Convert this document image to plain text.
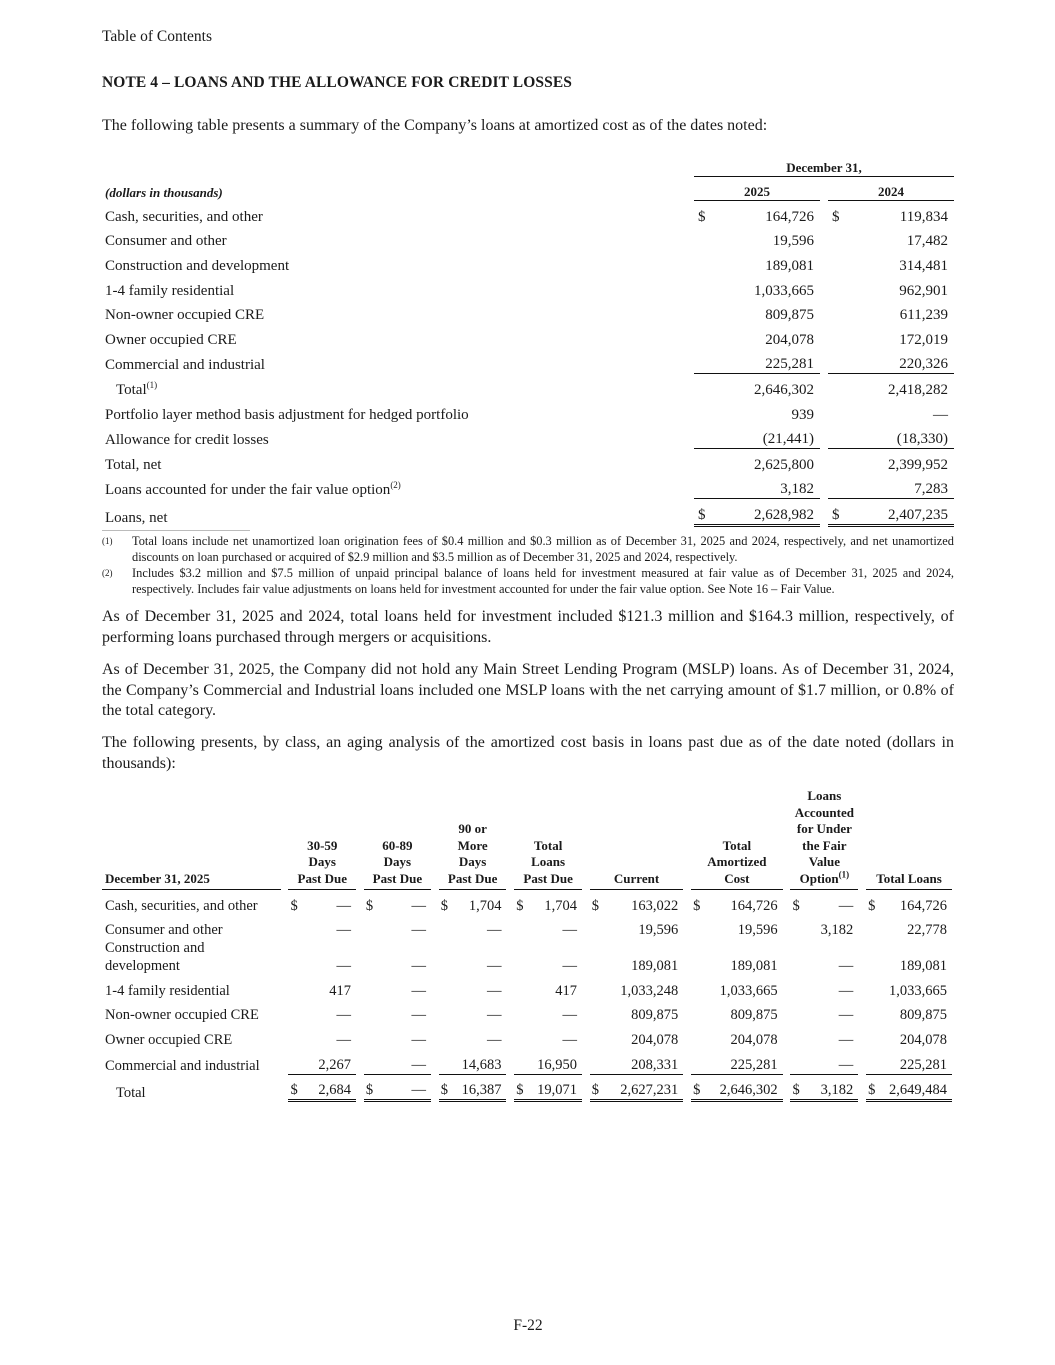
Table of Contents
NOTE 4 – LOANS AND THE ALLOWANCE FOR CREDIT LOSSES
The following table presents a summary of the Company’s loans at amortized cost as of the dates noted:
	December 31,				
(dollars in thousands)	2025			2024	
Cash, securities, and other	$	164,726		$	119,834
Consumer and other		19,596			17,482
Construction and development		189,081			314,481
1-4 family residential		1,033,665			962,901
Non-owner occupied CRE		809,875			611,239
Owner occupied CRE		204,078			172,019
Commercial and industrial		225,281			220,326
Total$^{(1)}$		2,646,302			2,418,282
Portfolio layer method basis adjustment for hedged portfolio		939			—
Allowance for credit losses		(21,441)			(18,330)
Total, net		2,625,800			2,399,952
Loans accounted for under the fair value option$^{(2)}$		3,182			7,283
Loans, net	$	2,628,982		$	2,407,235
(1)	Total loans include net unamortized loan origination fees of $0.4 million and $0.3 million as of December 31, 2025 and 2024, respectively, and net unamortized discounts on loan purchased or acquired of $2.9 million and $3.5 million as of December 31, 2025 and 2024, respectively.
(2)	Includes $3.2 million and $7.5 million of unpaid principal balance of loans held for investment measured at fair value as of December 31, 2025 and 2024, respectively. Includes fair value adjustments on loans held for investment accounted for under the fair value option. See Note 16 – Fair Value.
As of December 31, 2025 and 2024, total loans held for investment included $121.3 million and $164.3 million, respectively, of performing loans purchased through mergers or acquisitions.
As of December 31, 2025, the Company did not hold any Main Street Lending Program (MSLP) loans. As of December 31, 2024, the Company’s Commercial and Industrial loans included one MSLP loans with the net carrying amount of $1.7 million, or 0.8% of the total category.
The following presents, by class, an aging analysis of the amortized cost basis in loans past due as of the date noted (dollars in thousands):
December 31, 2025		30-59
Days
Past Due		60-89
Days
Past Due		90 or
More
Days
Past Due		Total
Loans
Past Due		Current		Total
Amortized
Cost		Loans
Accounted
for Under
the Fair
Value
Option$^{(1)}$		Total Loans
Cash, securities, and other		$	—		$	—		$	1,704		$	1,704		$	163,022		$	164,726		$	—		$	164,726
Consumer and other			—			—			—			—			19,596			19,596			3,182			22,778
Construction and development			—			—			—			—			189,081			189,081			—			189,081
1-4 family residential			417			—			—			417			1,033,248			1,033,665			—			1,033,665
Non-owner occupied CRE			—			—			—			—			809,875			809,875			—			809,875
Owner occupied CRE			—			—			—			—			204,078			204,078			—			204,078
Commercial and industrial			2,267			—			14,683			16,950			208,331			225,281			—			225,281
Total		$	2,684		$	—		$	16,387		$	19,071		$	2,627,231		$	2,646,302		$	3,182		$	2,649,484
F-22
